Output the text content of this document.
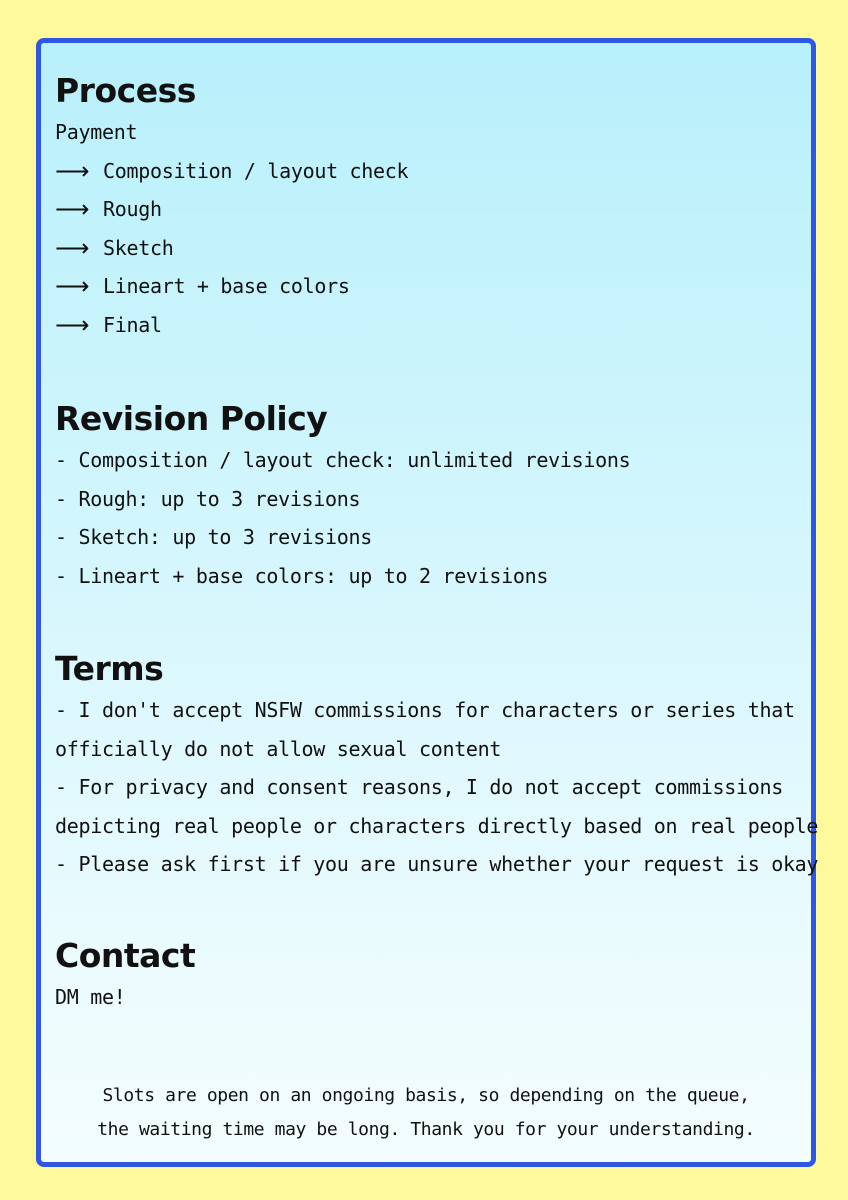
Process
Payment
⟶ Composition / layout check
⟶ Rough
⟶ Sketch
⟶ Lineart + base colors
⟶ Final
Revision Policy
- Composition / layout check: unlimited revisions
- Rough: up to 3 revisions
- Sketch: up to 3 revisions
- Lineart + base colors: up to 2 revisions
Terms
- I don't accept NSFW commissions for characters or series that
officially do not allow sexual content
- For privacy and consent reasons, I do not accept commissions
depicting real people or characters directly based on real people
- Please ask first if you are unsure whether your request is okay
Contact
DM me!
Slots are open on an ongoing basis, so depending on the queue,
the waiting time may be long. Thank you for your understanding.
